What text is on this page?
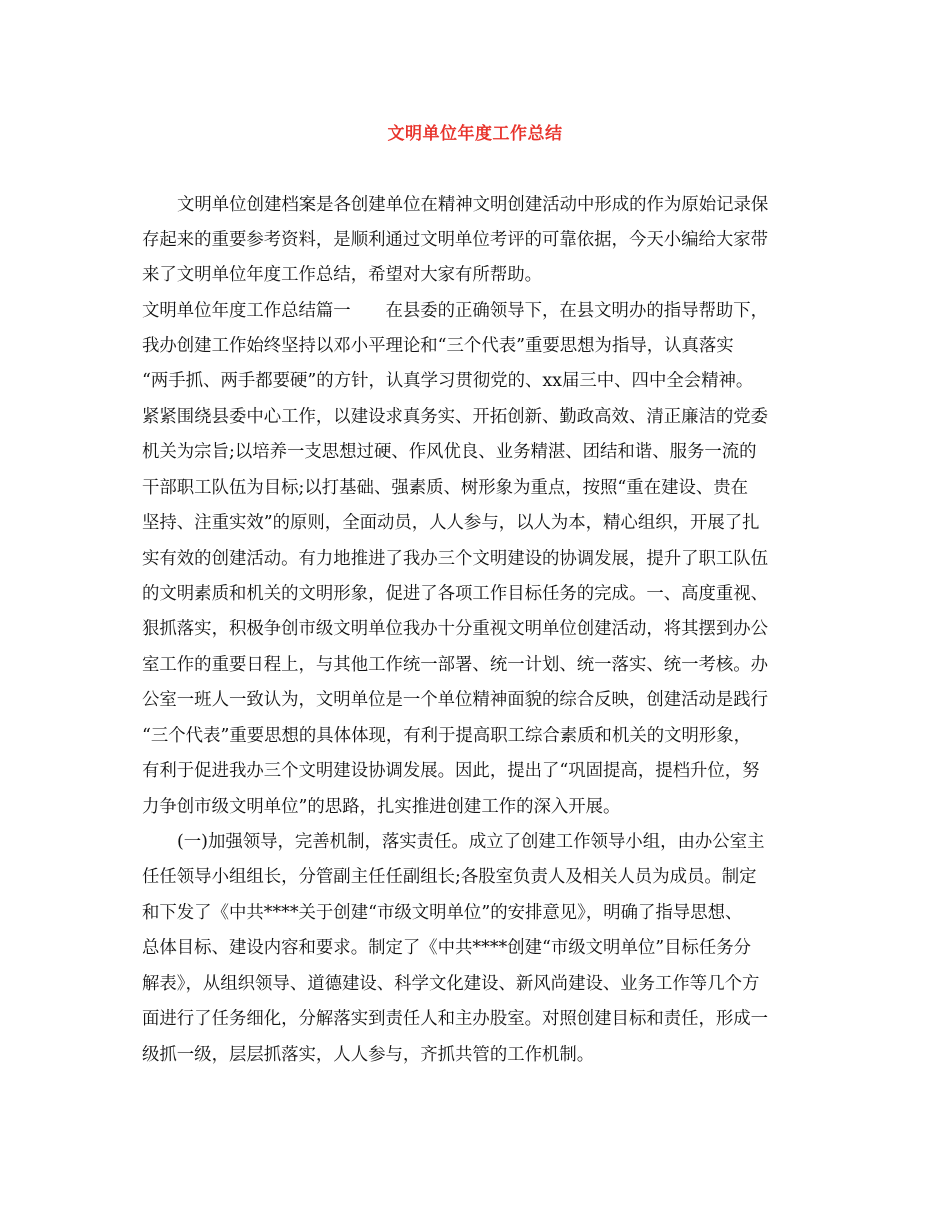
文明单位年度工作总结
文明单位创建档案是各创建单位在精神文明创建活动中形成的作为原始记录保
存起来的重要参考资料，是顺利通过文明单位考评的可靠依据，今天小编给大家带
来了文明单位年度工作总结，希望对大家有所帮助。
文明单位年度工作总结篇一　　在县委的正确领导下，在县文明办的指导帮助下，
我办创建工作始终坚持以邓小平理论和“三个代表”重要思想为指导，认真落实
“两手抓、两手都要硬”的方针，认真学习贯彻党的、xx届三中、四中全会精神。
紧紧围绕县委中心工作，以建设求真务实、开拓创新、勤政高效、清正廉洁的党委
机关为宗旨;以培养一支思想过硬、作风优良、业务精湛、团结和谐、服务一流的
干部职工队伍为目标;以打基础、强素质、树形象为重点，按照“重在建设、贵在
坚持、注重实效”的原则，全面动员，人人参与，以人为本，精心组织，开展了扎
实有效的创建活动。有力地推进了我办三个文明建设的协调发展，提升了职工队伍
的文明素质和机关的文明形象，促进了各项工作目标任务的完成。一、高度重视、
狠抓落实，积极争创市级文明单位我办十分重视文明单位创建活动，将其摆到办公
室工作的重要日程上，与其他工作统一部署、统一计划、统一落实、统一考核。办
公室一班人一致认为，文明单位是一个单位精神面貌的综合反映，创建活动是践行
“三个代表”重要思想的具体体现，有利于提高职工综合素质和机关的文明形象，
有利于促进我办三个文明建设协调发展。因此，提出了“巩固提高，提档升位，努
力争创市级文明单位”的思路，扎实推进创建工作的深入开展。
(一)加强领导，完善机制，落实责任。成立了创建工作领导小组，由办公室主
任任领导小组组长，分管副主任任副组长;各股室负责人及相关人员为成员。制定
和下发了《中共****关于创建“市级文明单位”的安排意见》，明确了指导思想、
总体目标、建设内容和要求。制定了《中共****创建“市级文明单位”目标任务分
解表》，从组织领导、道德建设、科学文化建设、新风尚建设、业务工作等几个方
面进行了任务细化，分解落实到责任人和主办股室。对照创建目标和责任，形成一
级抓一级，层层抓落实，人人参与，齐抓共管的工作机制。
